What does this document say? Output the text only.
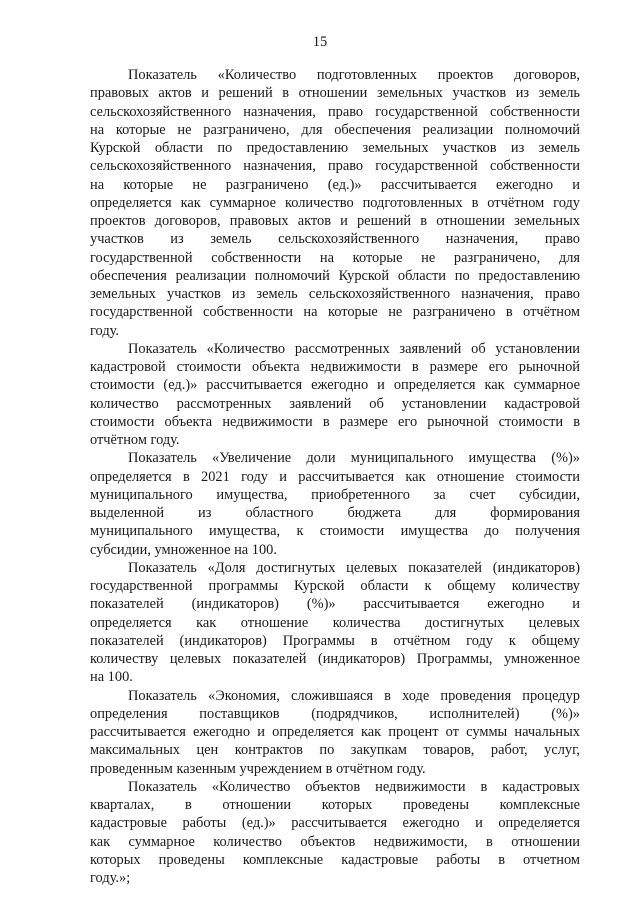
15
Показатель «Количество подготовленных проектов договоров,
правовых актов и решений в отношении земельных участков из земель
сельскохозяйственного назначения, право государственной собственности
на которые не разграничено, для обеспечения реализации полномочий
Курской области по предоставлению земельных участков из земель
сельскохозяйственного назначения, право государственной собственности
на которые не разграничено (ед.)» рассчитывается ежегодно и
определяется как суммарное количество подготовленных в отчётном году
проектов договоров, правовых актов и решений в отношении земельных
участков из земель сельскохозяйственного назначения, право
государственной собственности на которые не разграничено, для
обеспечения реализации полномочий Курской области по предоставлению
земельных участков из земель сельскохозяйственного назначения, право
государственной собственности на которые не разграничено в отчётном
году.
Показатель «Количество рассмотренных заявлений об установлении
кадастровой стоимости объекта недвижимости в размере его рыночной
стоимости (ед.)» рассчитывается ежегодно и определяется как суммарное
количество рассмотренных заявлений об установлении кадастровой
стоимости объекта недвижимости в размере его рыночной стоимости в
отчётном году.
Показатель «Увеличение доли муниципального имущества (%)»
определяется в 2021 году и рассчитывается как отношение стоимости
муниципального имущества, приобретенного за счет субсидии,
выделенной из областного бюджета для формирования
муниципального имущества, к стоимости имущества до получения
субсидии, умноженное на 100.
Показатель «Доля достигнутых целевых показателей (индикаторов)
государственной программы Курской области к общему количеству
показателей (индикаторов) (%)» рассчитывается ежегодно и
определяется как отношение количества достигнутых целевых
показателей (индикаторов) Программы в отчётном году к общему
количеству целевых показателей (индикаторов) Программы, умноженное
на 100.
Показатель «Экономия, сложившаяся в ходе проведения процедур
определения поставщиков (подрядчиков, исполнителей) (%)»
рассчитывается ежегодно и определяется как процент от суммы начальных
максимальных цен контрактов по закупкам товаров, работ, услуг,
проведенным казенным учреждением в отчётном году.
Показатель «Количество объектов недвижимости в кадастровых
кварталах, в отношении которых проведены комплексные
кадастровые работы (ед.)» рассчитывается ежегодно и определяется
как суммарное количество объектов недвижимости, в отношении
которых проведены комплексные кадастровые работы в отчетном
году.»;
